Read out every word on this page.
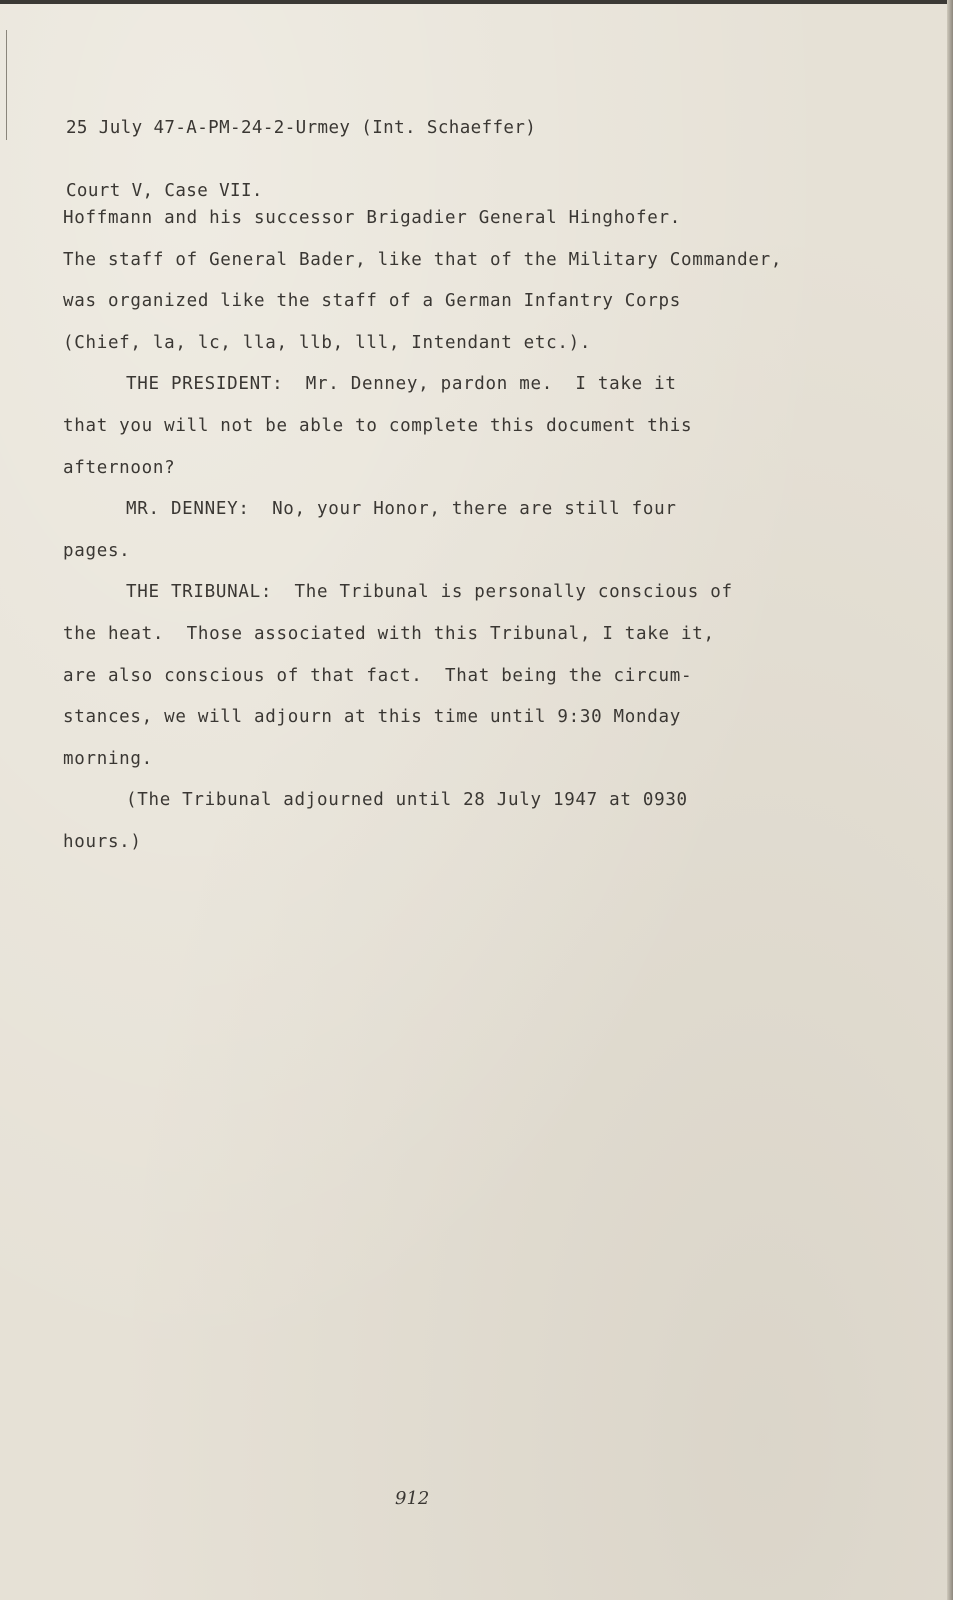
25 July 47-A-PM-24-2-Urmey (Int. Schaeffer)

Court V, Case VII.

Hoffmann and his successor Brigadier General Hinghofer.
The staff of General Bader, like that of the Military Commander,
was organized like the staff of a German Infantry Corps
(Chief, la, lc, lla, llb, lll, Intendant etc.).
THE PRESIDENT:  Mr. Denney, pardon me.  I take it
that you will not be able to complete this document this
afternoon?
MR. DENNEY:  No, your Honor, there are still four
pages.
THE TRIBUNAL:  The Tribunal is personally conscious of
the heat.  Those associated with this Tribunal, I take it,
are also conscious of that fact.  That being the circum-
stances, we will adjourn at this time until 9:30 Monday
morning.
(The Tribunal adjourned until 28 July 1947 at 0930
hours.)
912
